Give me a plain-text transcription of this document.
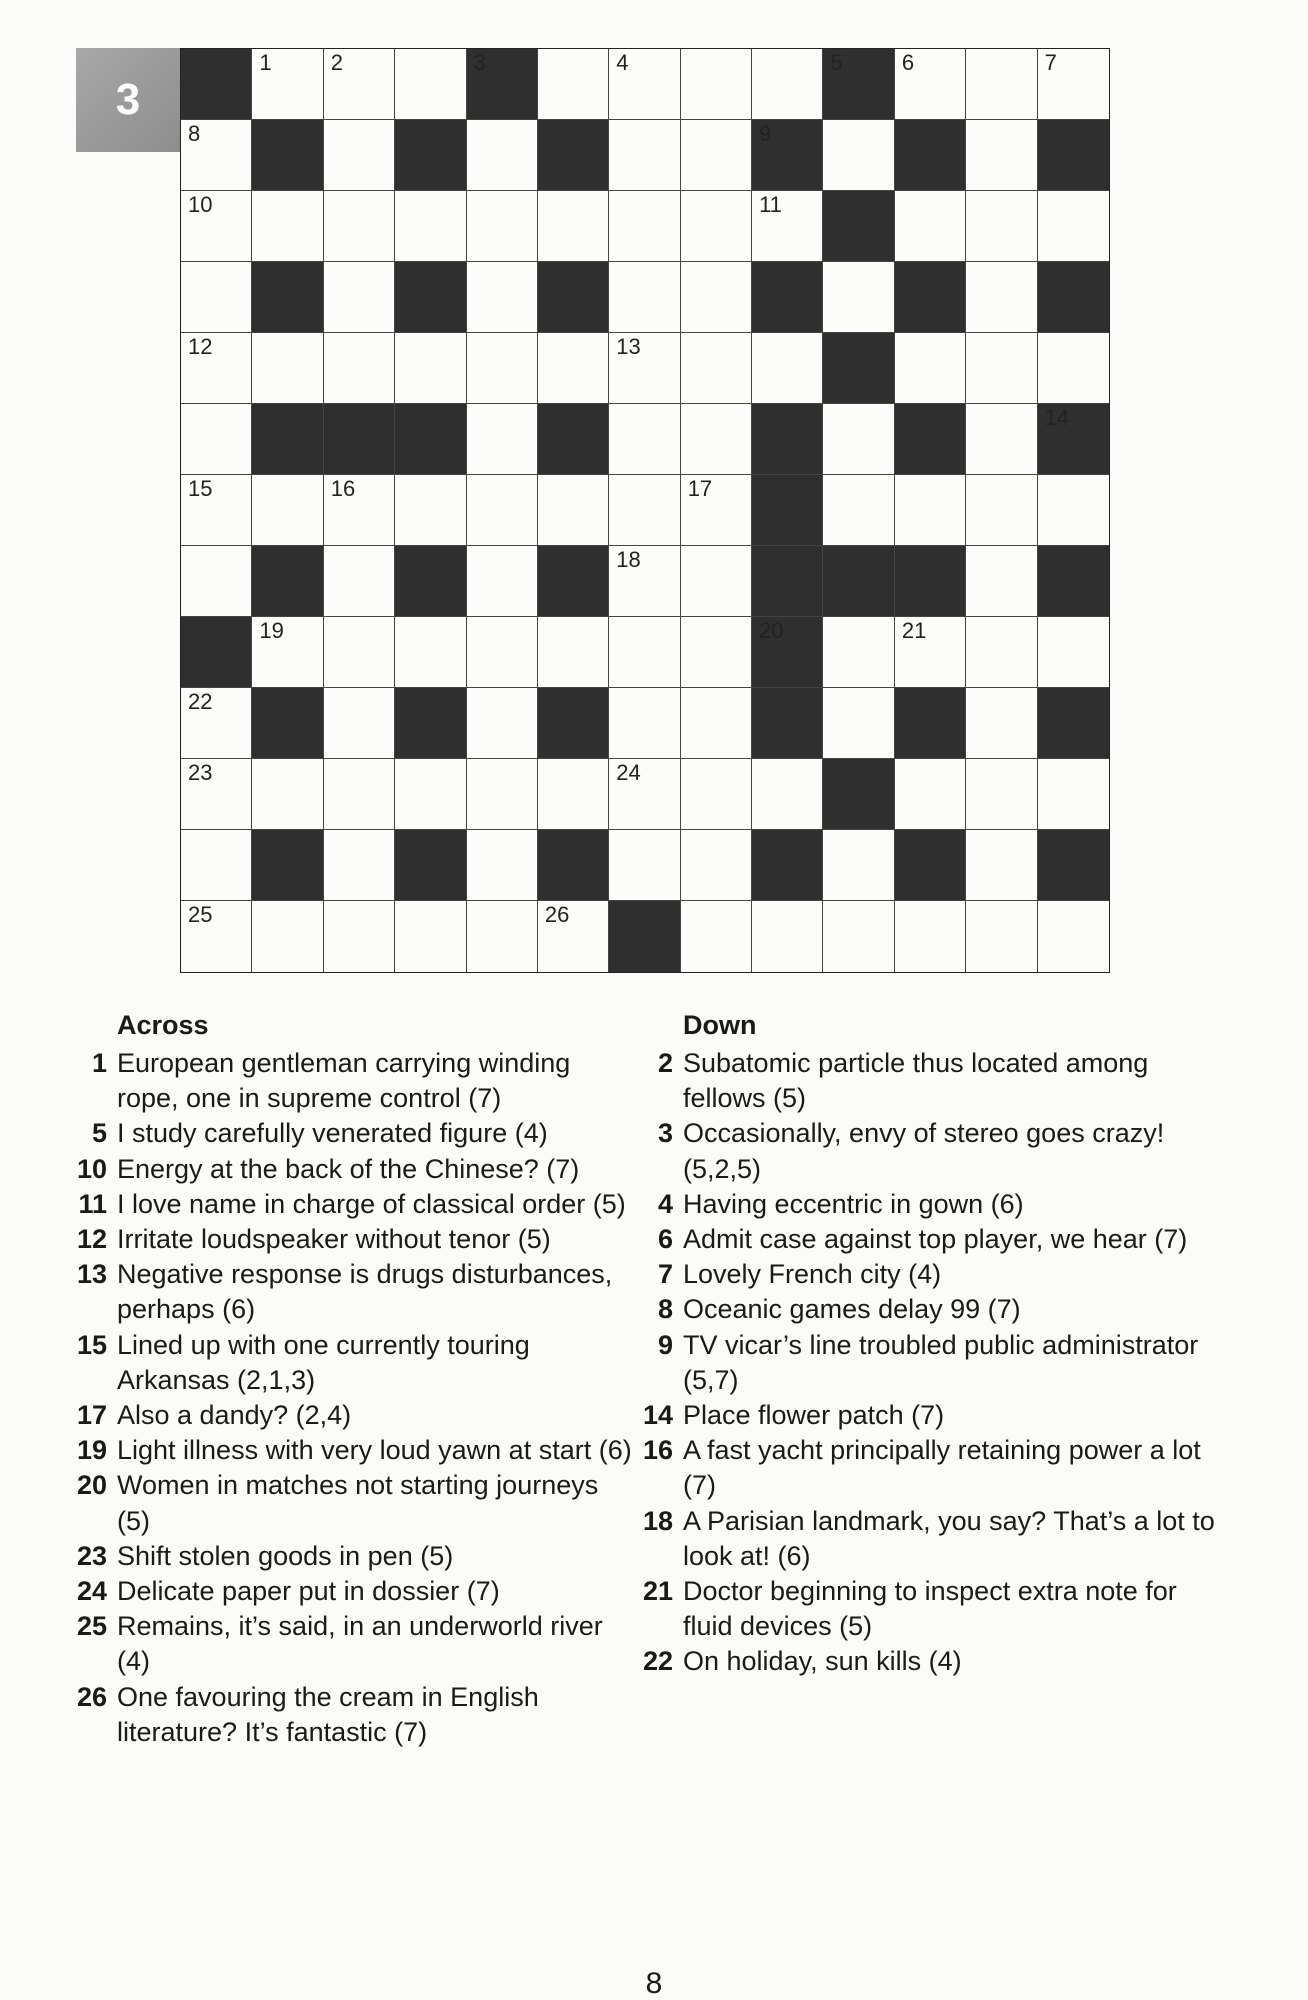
3
1	2	3	4	5	6	7
8	9
10	11
12	13
14
15	16	17
18
19	20	21
22
23	24
25	26
Across
1 European gentleman carrying winding rope, one in supreme control (7)
5 I study carefully venerated figure (4)
10 Energy at the back of the Chinese? (7)
11 I love name in charge of classical order (5)
12 Irritate loudspeaker without tenor (5)
13 Negative response is drugs disturbances, perhaps (6)
15 Lined up with one currently touring Arkansas (2,1,3)
17 Also a dandy? (2,4)
19 Light illness with very loud yawn at start (6)
20 Women in matches not starting journeys (5)
23 Shift stolen goods in pen (5)
24 Delicate paper put in dossier (7)
25 Remains, it’s said, in an underworld river (4)
26 One favouring the cream in English literature? It’s fantastic (7)
Down
2 Subatomic particle thus located among fellows (5)
3 Occasionally, envy of stereo goes crazy! (5,2,5)
4 Having eccentric in gown (6)
6 Admit case against top player, we hear (7)
7 Lovely French city (4)
8 Oceanic games delay 99 (7)
9 TV vicar’s line troubled public administrator (5,7)
14 Place flower patch (7)
16 A fast yacht principally retaining power a lot (7)
18 A Parisian landmark, you say? That’s a lot to look at! (6)
21 Doctor beginning to inspect extra note for fluid devices (5)
22 On holiday, sun kills (4)
8
